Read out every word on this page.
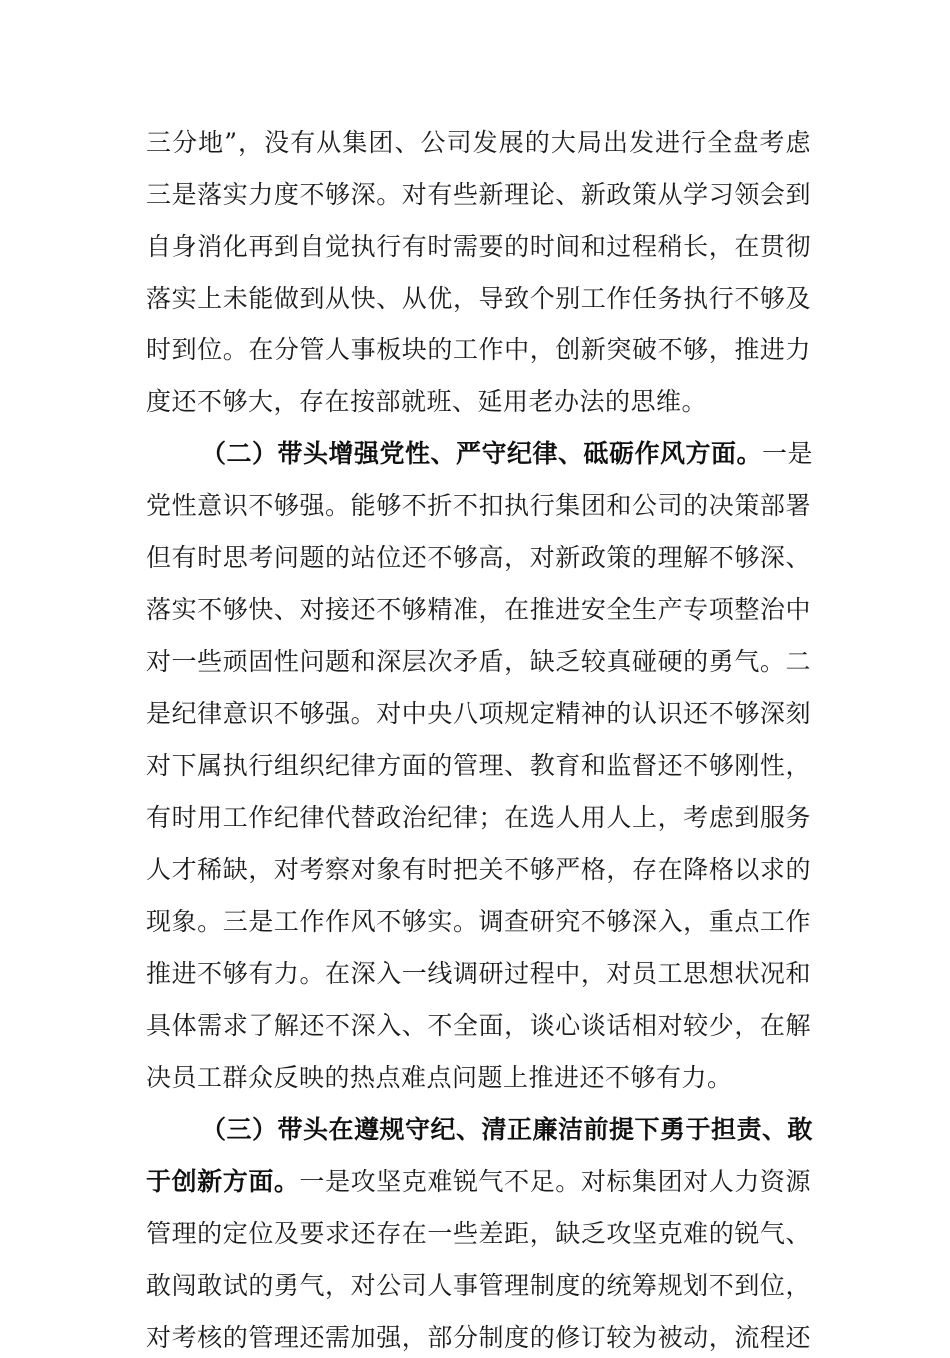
三分地”，没有从集团、公司发展的大局出发进行全盘考虑
三是落实力度不够深。对有些新理论、新政策从学习领会到
自身消化再到自觉执行有时需要的时间和过程稍长，在贯彻
落实上未能做到从快、从优，导致个别工作任务执行不够及
时到位。在分管人事板块的工作中，创新突破不够，推进力
度还不够大，存在按部就班、延用老办法的思维。
（二）带头增强党性、严守纪律、砥砺作风方面。一是
党性意识不够强。能够不折不扣执行集团和公司的决策部署
但有时思考问题的站位还不够高，对新政策的理解不够深、
落实不够快、对接还不够精准，在推进安全生产专项整治中
对一些顽固性问题和深层次矛盾，缺乏较真碰硬的勇气。二
是纪律意识不够强。对中央八项规定精神的认识还不够深刻
对下属执行组织纪律方面的管理、教育和监督还不够刚性，
有时用工作纪律代替政治纪律；在选人用人上，考虑到服务
人才稀缺，对考察对象有时把关不够严格，存在降格以求的
现象。三是工作作风不够实。调查研究不够深入，重点工作
推进不够有力。在深入一线调研过程中，对员工思想状况和
具体需求了解还不深入、不全面，谈心谈话相对较少，在解
决员工群众反映的热点难点问题上推进还不够有力。
（三）带头在遵规守纪、清正廉洁前提下勇于担责、敢
于创新方面。一是攻坚克难锐气不足。对标集团对人力资源
管理的定位及要求还存在一些差距，缺乏攻坚克难的锐气、
敢闯敢试的勇气，对公司人事管理制度的统筹规划不到位，
对考核的管理还需加强，部分制度的修订较为被动，流程还
